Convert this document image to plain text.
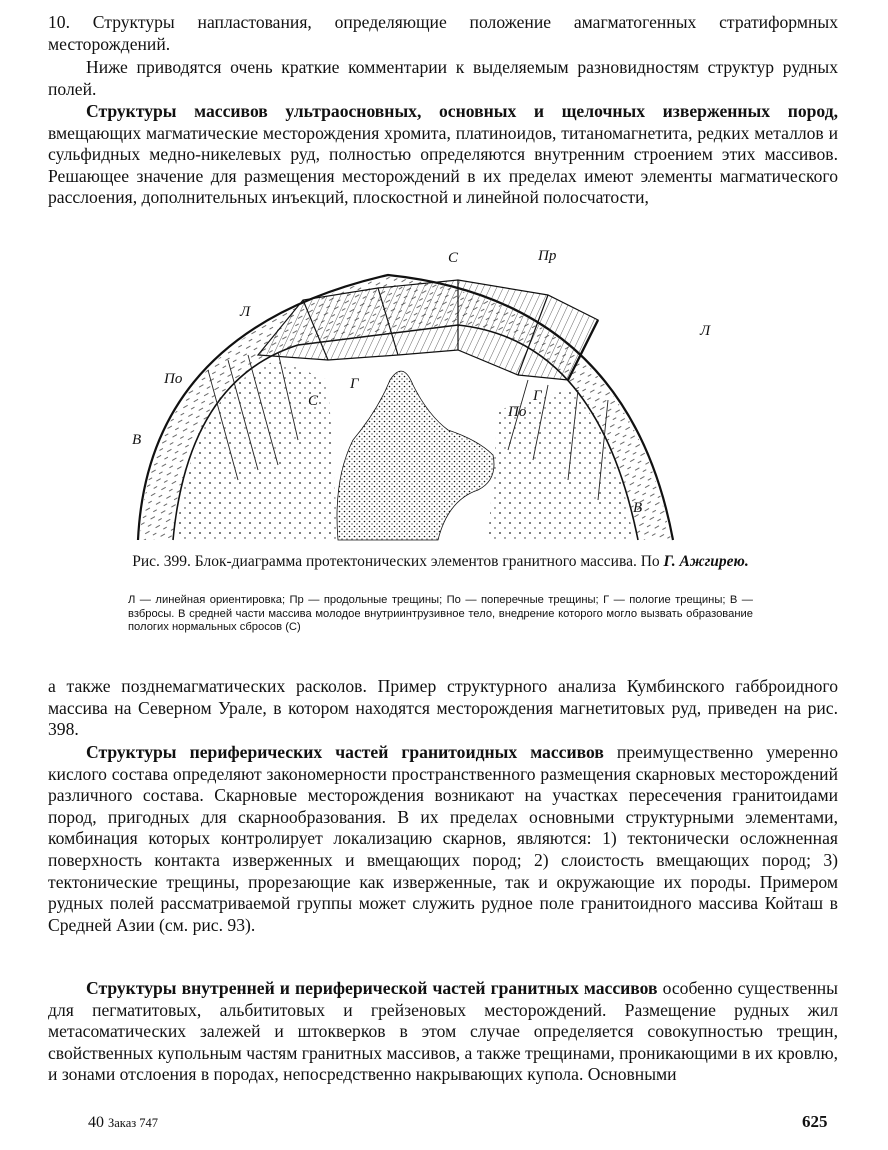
10. Структуры напластования, определяющие положение амагматогенных стратиформных месторождений.

Ниже приводятся очень краткие комментарии к выделяемым разновидностям структур рудных полей.

Структуры массивов ультраосновных, основных и щелочных изверженных пород, вмещающих магматические месторождения хромита, платиноидов, титаномагнетита, редких металлов и сульфидных медно-никелевых руд, полностью определяются внутренним строением этих массивов. Решающее значение для размещения месторождений в их пределах имеют элементы магматического расслоения, дополнительных инъекций, плоскостной и линейной полосчатости,

С	Пр
Л
Л
По
По
В
В
С
Г
Г

Рис. 399. Блок-диаграмма протектонических элементов гранитного массива. По Г. Ажгирею.

Л — линейная ориентировка; Пр — продольные трещины; По — поперечные трещины; Г — пологие трещины; В — взбросы. В средней части массива молодое внутриинтрузивное тело, внедрение которого могло вызвать образование пологих нормальных сбросов (С)

а также позднемагматических расколов. Пример структурного анализа Кумбинского габброидного массива на Северном Урале, в котором находятся месторождения магнетитовых руд, приведен на рис. 398.

Структуры периферических частей гранитоидных массивов преимущественно умеренно кислого состава определяют закономерности пространственного размещения скарновых месторождений различного состава. Скарновые месторождения возникают на участках пересечения гранитоидами пород, пригодных для скарнообразования. В их пределах основными структурными элементами, комбинация которых контролирует локализацию скарнов, являются: 1) тектонически осложненная поверхность контакта изверженных и вмещающих пород; 2) слоистость вмещающих пород; 3) тектонические трещины, прорезающие как изверженные, так и окружающие их породы. Примером рудных полей рассматриваемой группы может служить рудное поле гранитоидного массива Койташ в Средней Азии (см. рис. 93).

Структуры внутренней и периферической частей гранитных массивов особенно существенны для пегматитовых, альбититовых и грейзеновых месторождений. Размещение рудных жил метасоматических залежей и штокверков в этом случае определяется совокупностью трещин, свойственных купольным частям гранитных массивов, а также трещинами, проникающими в их кровлю, и зонами отслоения в породах, непосредственно накрывающих купола. Основными

40 Заказ 747	625
